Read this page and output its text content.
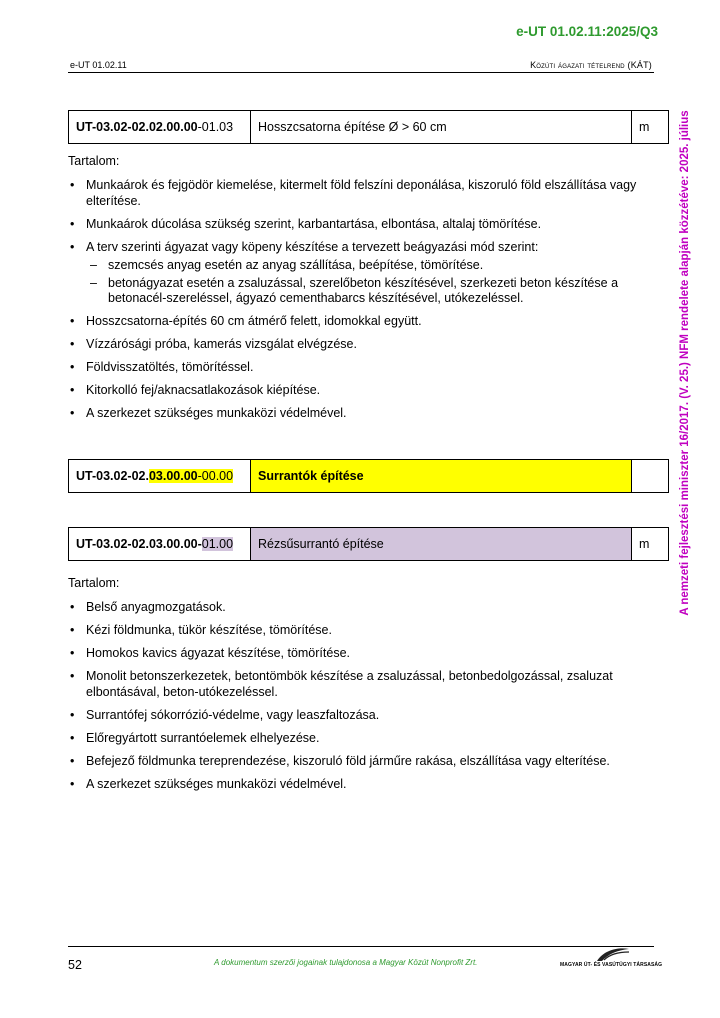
e-UT 01.02.11:2025/Q3
e-UT 01.02.11	Közúti ágazati tételrend (KÁT)
A nemzeti fejlesztési miniszter 16/2017. (V. 25.) NFM rendelete alapján közzétéve: 2025. július
UT-03.02-02.02.00.00 -01.03	Hosszcsatorna építése Ø > 60 cm	m
Tartalom:
• Munkaárok és fejgödör kiemelése, kitermelt föld felszíni deponálása, kiszoruló föld elszállítása vagy elterítése.
• Munkaárok dúcolása szükség szerint, karbantartása, elbontása, altalaj tömörítése.
• A terv szerinti ágyazat vagy köpeny készítése a tervezett beágyazási mód szerint:
– szemcsés anyag esetén az anyag szállítása, beépítése, tömörítése.
– betonágyazat esetén a zsaluzással, szerelőbeton készítésével, szerkezeti beton készítése a betonacél-szereléssel, ágyazó cementhabarcs készítésével, utókezeléssel.
• Hosszcsatorna-építés 60 cm átmérő felett, idomokkal együtt.
• Vízzárósági próba, kamerás vizsgálat elvégzése.
• Földvisszatöltés, tömörítéssel.
• Kitorkolló fej/aknacsatlakozások kiépítése.
• A szerkezet szükséges munkaközi védelmével.
UT-03.02-02. 03.00.00 -00.00	Surrantók építése
UT-03.02-02.03.00.00- 01.00	Rézsűsurrantó építése	m
Tartalom:
• Belső anyagmozgatások.
• Kézi földmunka, tükör készítése, tömörítése.
• Homokos kavics ágyazat készítése, tömörítése.
• Monolit betonszerkezetek, betontömbök készítése a zsaluzással, betonbedolgozással, zsaluzat elbontásával, beton-utókezeléssel.
• Surrantófej sókorrózió-védelme, vagy leaszfaltozása.
• Előregyártott surrantóelemek elhelyezése.
• Befejező földmunka tereprendezése, kiszoruló föld járműre rakása, elszállítása vagy elterítése.
• A szerkezet szükséges munkaközi védelmével.
52	A dokumentum szerzői jogainak tulajdonosa a Magyar Közút Nonprofit Zrt.	MAGYAR ÚT- ÉS VASÚTÜGYI TÁRSASÁG
